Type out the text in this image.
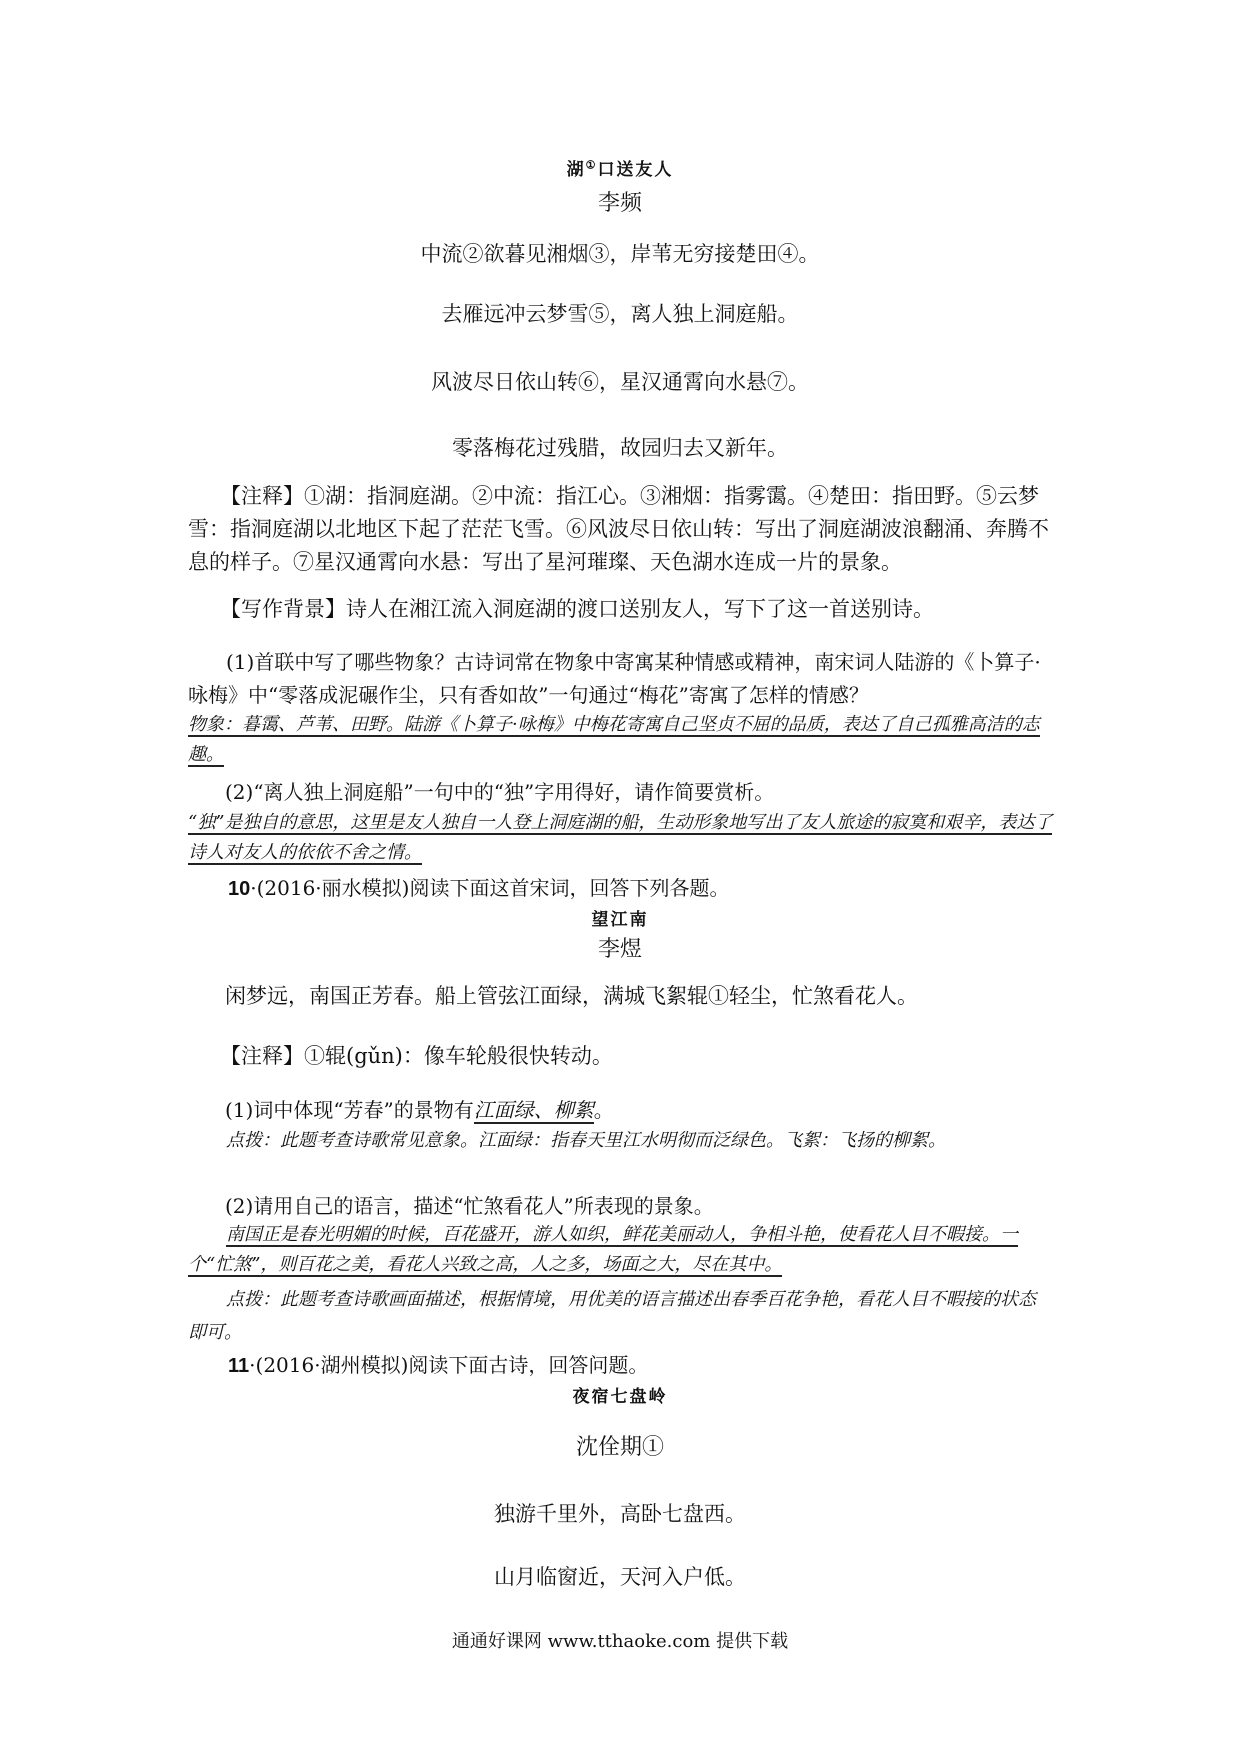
湖①口送友人
李频
中流②欲暮见湘烟③，岸苇无穷接楚田④。
去雁远冲云梦雪⑤，离人独上洞庭船。
风波尽日依山转⑥，星汉通霄向水悬⑦。
零落梅花过残腊，故园归去又新年。
【注释】①湖：指洞庭湖。②中流：指江心。③湘烟：指雾霭。④楚田：指田野。⑤云梦雪：指洞庭湖以北地区下起了茫茫飞雪。⑥风波尽日依山转：写出了洞庭湖波浪翻涌、奔腾不息的样子。⑦星汉通霄向水悬：写出了星河璀璨、天色湖水连成一片的景象。
【写作背景】诗人在湘江流入洞庭湖的渡口送别友人，写下了这一首送别诗。
(1)首联中写了哪些物象？古诗词常在物象中寄寓某种情感或精神，南宋词人陆游的《卜算子·咏梅》中“零落成泥碾作尘，只有香如故”一句通过“梅花”寄寓了怎样的情感？
物象：暮霭、芦苇、田野。陆游《卜算子·咏梅》中梅花寄寓自己坚贞不屈的品质，表达了自己孤雅高洁的志趣。
(2)“离人独上洞庭船”一句中的“独”字用得好，请作简要赏析。
“独”是独自的意思，这里是友人独自一人登上洞庭湖的船，生动形象地写出了友人旅途的寂寞和艰辛，表达了诗人对友人的依依不舍之情。
10·(2016·丽水模拟)阅读下面这首宋词，回答下列各题。
望江南
李煜
闲梦远，南国正芳春。船上管弦江面绿，满城飞絮辊①轻尘，忙煞看花人。
【注释】①辊(gǔn)：像车轮般很快转动。
(1)词中体现“芳春”的景物有江面绿、柳絮。
点拨：此题考查诗歌常见意象。江面绿：指春天里江水明彻而泛绿色。飞絮：飞扬的柳絮。
(2)请用自己的语言，描述“忙煞看花人”所表现的景象。
南国正是春光明媚的时候，百花盛开，游人如织，鲜花美丽动人，争相斗艳，使看花人目不暇接。一个“忙煞”，则百花之美，看花人兴致之高，人之多，场面之大，尽在其中。
点拨：此题考查诗歌画面描述，根据情境，用优美的语言描述出春季百花争艳，看花人目不暇接的状态即可。
11·(2016·湖州模拟)阅读下面古诗，回答问题。
夜宿七盘岭
沈佺期①
独游千里外，高卧七盘西。
山月临窗近，天河入户低。
通通好课网 www.tthaoke.com 提供下载
